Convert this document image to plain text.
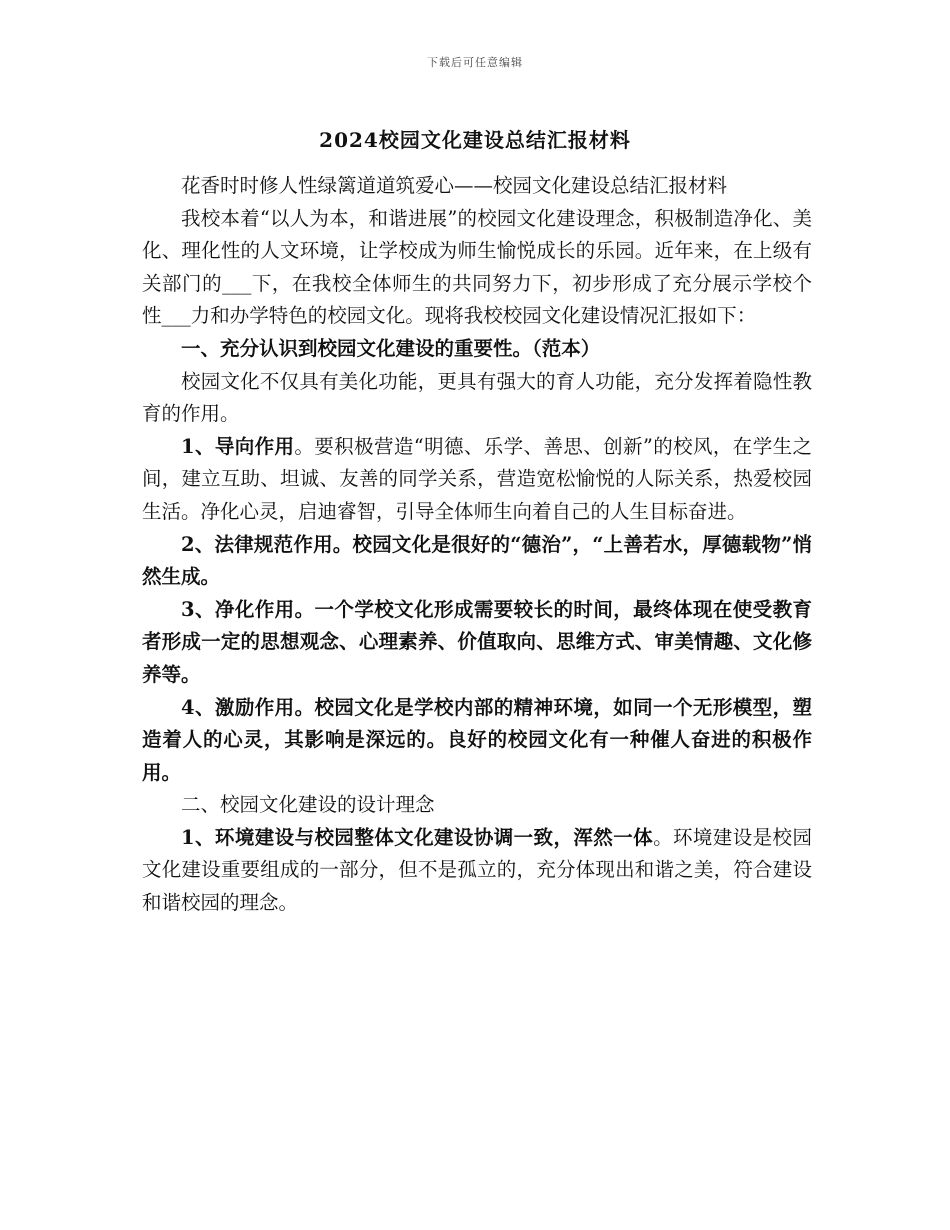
下载后可任意编辑
2024校园文化建设总结汇报材料

花香时时修人性绿篱道道筑爱心——校园文化建设总结汇报材料

我校本着“以人为本，和谐进展”的校园文化建设理念，积极制造净化、美化、理化性的人文环境，让学校成为师生愉悦成长的乐园。近年来，在上级有关部门的___下，在我校全体师生的共同努力下，初步形成了充分展示学校个性___力和办学特色的校园文化。现将我校校园文化建设情况汇报如下：

一、充分认识到校园文化建设的重要性。（范本）

校园文化不仅具有美化功能，更具有强大的育人功能，充分发挥着隐性教育的作用。

1、导向作用。要积极营造“明德、乐学、善思、创新”的校风，在学生之间，建立互助、坦诚、友善的同学关系，营造宽松愉悦的人际关系，热爱校园生活。净化心灵，启迪睿智，引导全体师生向着自己的人生目标奋进。

2、法律规范作用。校园文化是很好的“德治”，“上善若水，厚德载物”悄然生成。

3、净化作用。一个学校文化形成需要较长的时间，最终体现在使受教育者形成一定的思想观念、心理素养、价值取向、思维方式、审美情趣、文化修养等。

4、激励作用。校园文化是学校内部的精神环境，如同一个无形模型，塑造着人的心灵，其影响是深远的。良好的校园文化有一种催人奋进的积极作用。

二、校园文化建设的设计理念

1、环境建设与校园整体文化建设协调一致，浑然一体。环境建设是校园文化建设重要组成的一部分，但不是孤立的，充分体现出和谐之美，符合建设和谐校园的理念。
